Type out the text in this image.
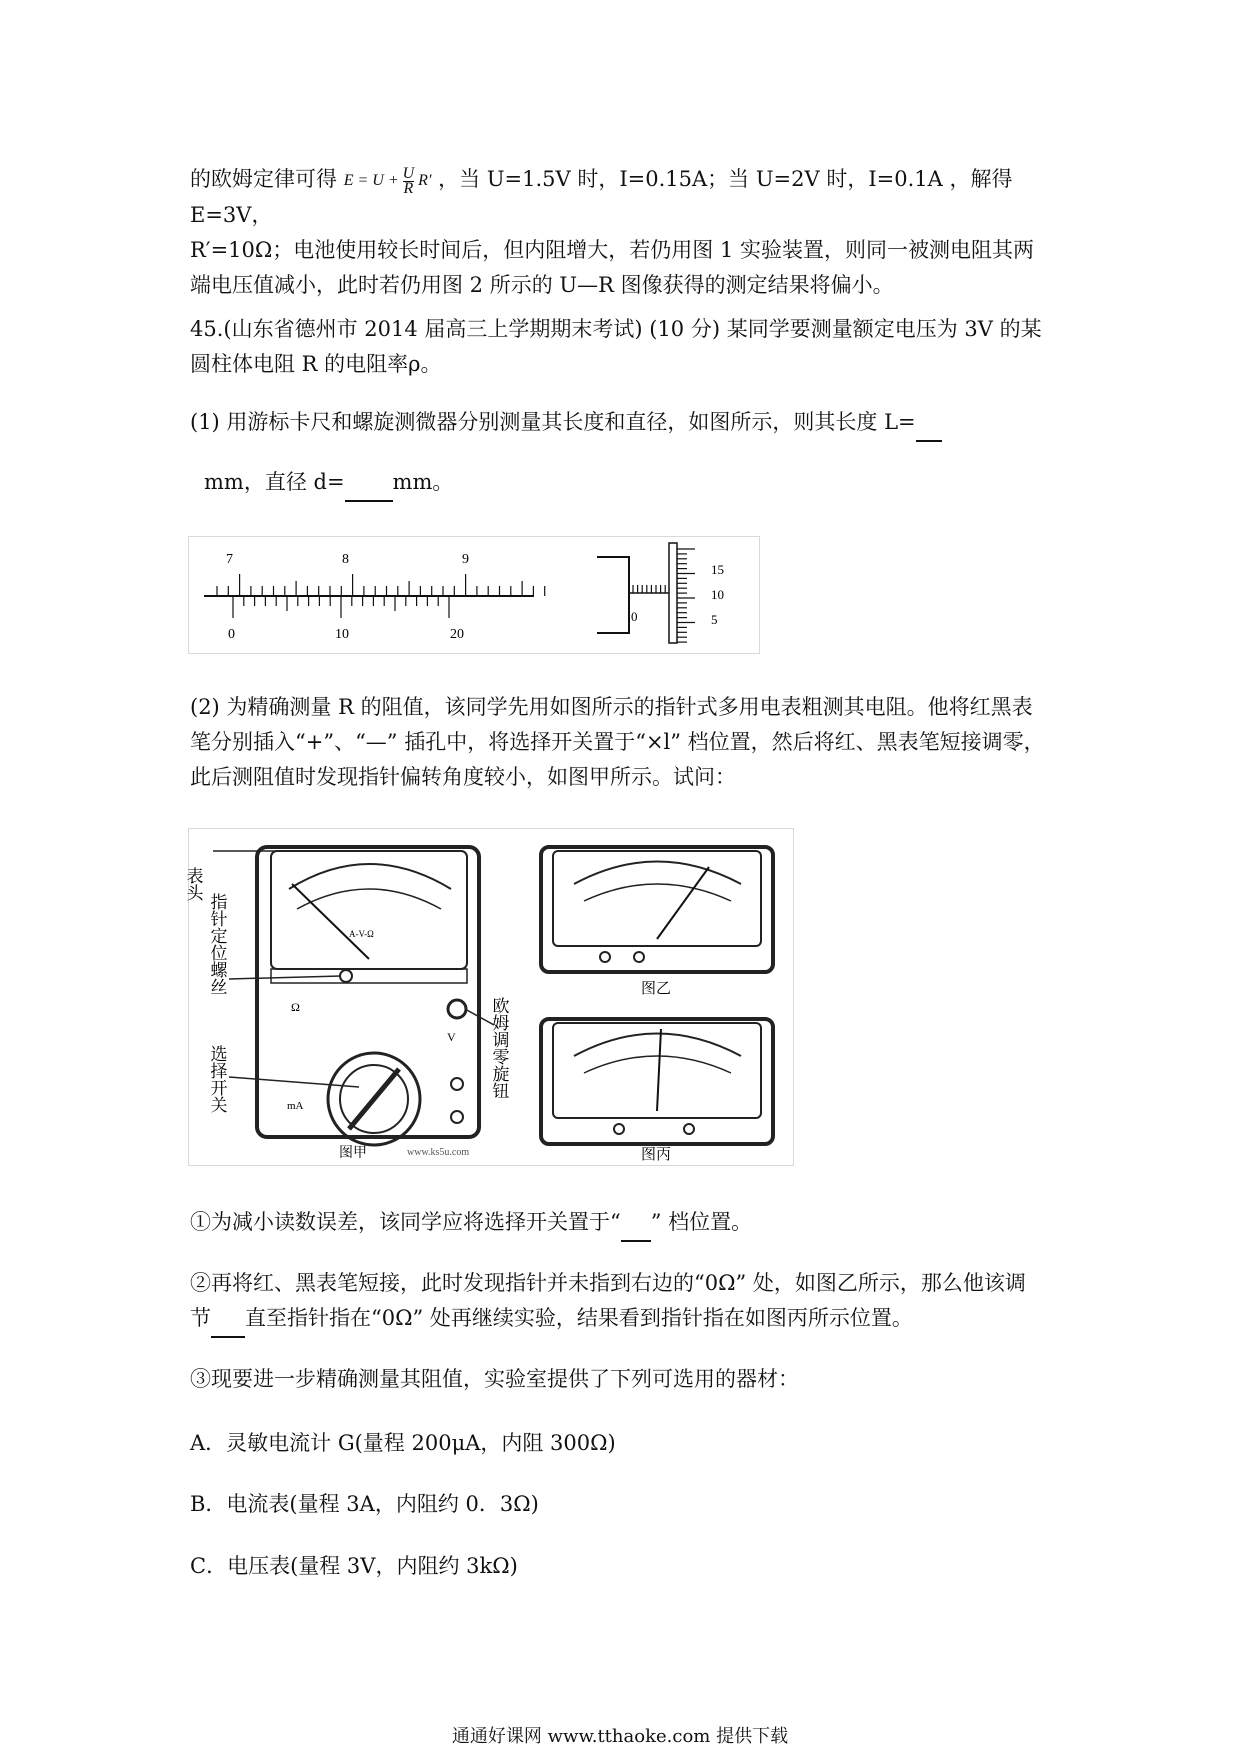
的欧姆定律可得 $E = U + \frac{U}{R} R'$ ，当 U=1.5V 时，I=0.15A；当 U=2V 时，I=0.1A ，解得 E=3V，
R′=10Ω；电池使用较长时间后，但内阻增大，若仍用图 1 实验装置，则同一被测电阻其两
端电压值减小，此时若仍用图 2 所示的 U—R 图像获得的测定结果将偏小。
45.(山东省德州市 2014 届高三上学期期末考试) (10 分) 某同学要测量额定电压为 3V 的某
圆柱体电阻 R 的电阻率ρ。
(1) 用游标卡尺和螺旋测微器分别测量其长度和直径，如图所示，则其长度 L=
mm，直径 d= mm。
7	8	9
0	10	20
0
15
10
5
(2) 为精确测量 R 的阻值，该同学先用如图所示的指针式多用电表粗测其电阻。他将红黑表
笔分别插入“+”、“—” 插孔中，将选择开关置于“×l” 档位置，然后将红、黑表笔短接调零，
此后测阻值时发现指针偏转角度较小，如图甲所示。试问：
A-V-Ω
Ω
V
mA
图甲	www.ks5u.com
表头
指针定位螺丝
选择开关	欧姆调零旋钮
图乙
图丙
①为减小读数误差，该同学应将选择开关置于“ ” 档位置。
②再将红、黑表笔短接，此时发现指针并未指到右边的“0Ω” 处，如图乙所示，那么他该调
节 直至指针指在“0Ω” 处再继续实验，结果看到指针指在如图丙所示位置。
③现要进一步精确测量其阻值，实验室提供了下列可选用的器材：
A．灵敏电流计 G(量程 200μA，内阻 300Ω)
B．电流表(量程 3A，内阻约 0．3Ω)
C．电压表(量程 3V，内阻约 3kΩ)
通通好课网 www.tthaoke.com 提供下载
